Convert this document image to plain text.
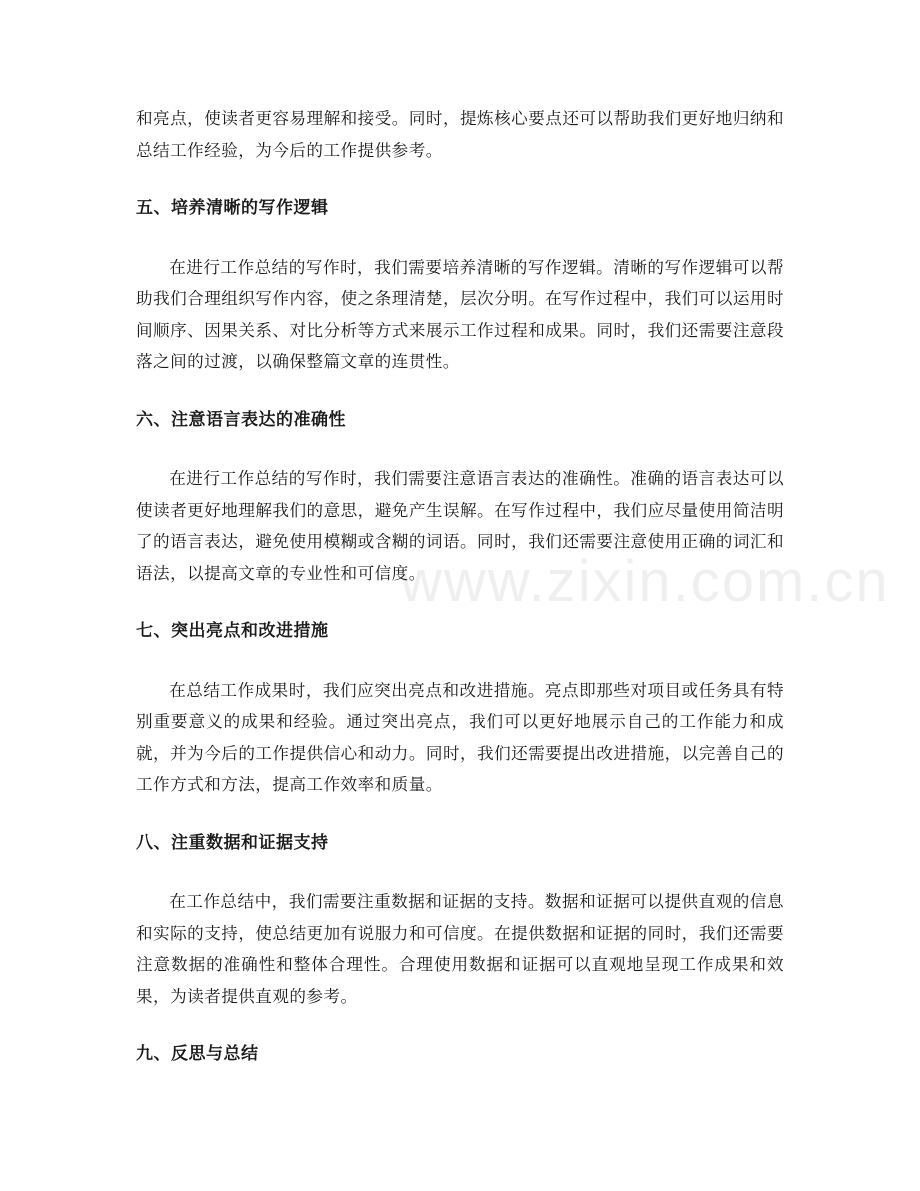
和亮点，使读者更容易理解和接受。同时，提炼核心要点还可以帮助我们更好地归纳和总结工作经验，为今后的工作提供参考。

五、培养清晰的写作逻辑

在进行工作总结的写作时，我们需要培养清晰的写作逻辑。清晰的写作逻辑可以帮助我们合理组织写作内容，使之条理清楚，层次分明。在写作过程中，我们可以运用时间顺序、因果关系、对比分析等方式来展示工作过程和成果。同时，我们还需要注意段落之间的过渡，以确保整篇文章的连贯性。

六、注意语言表达的准确性

在进行工作总结的写作时，我们需要注意语言表达的准确性。准确的语言表达可以使读者更好地理解我们的意思，避免产生误解。在写作过程中，我们应尽量使用简洁明了的语言表达，避免使用模糊或含糊的词语。同时，我们还需要注意使用正确的词汇和语法，以提高文章的专业性和可信度。

七、突出亮点和改进措施

在总结工作成果时，我们应突出亮点和改进措施。亮点即那些对项目或任务具有特别重要意义的成果和经验。通过突出亮点，我们可以更好地展示自己的工作能力和成就，并为今后的工作提供信心和动力。同时，我们还需要提出改进措施，以完善自己的工作方式和方法，提高工作效率和质量。

八、注重数据和证据支持

在工作总结中，我们需要注重数据和证据的支持。数据和证据可以提供直观的信息和实际的支持，使总结更加有说服力和可信度。在提供数据和证据的同时，我们还需要注意数据的准确性和整体合理性。合理使用数据和证据可以直观地呈现工作成果和效果，为读者提供直观的参考。

九、反思与总结
www.zixin.com.cn
